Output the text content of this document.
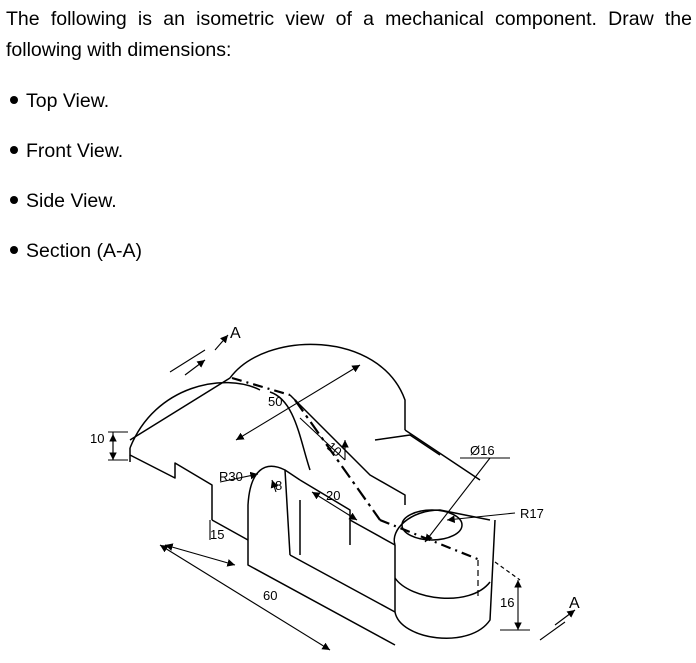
The following is an isometric view of a mechanical component. Draw the following with dimensions:

Top View.
Front View.
Side View.
Section (A-A)
A
A
10
50
10	Ø16
R30
8
20
R17
15
60	16
